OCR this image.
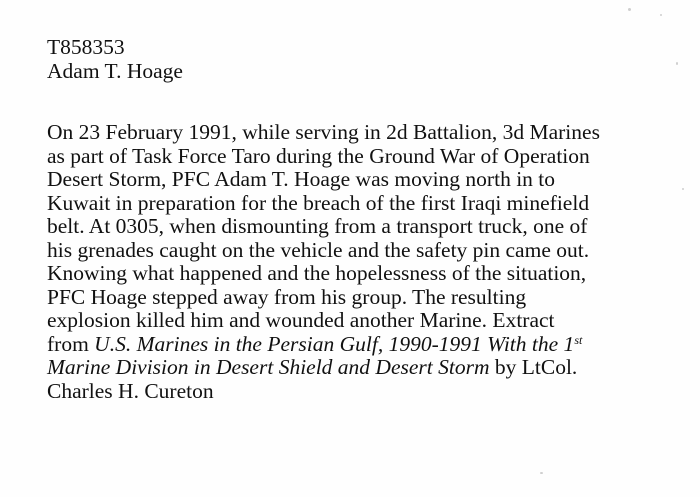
T858353
Adam T. Hoage
On 23 February 1991, while serving in 2d Battalion, 3d Marines
as part of Task Force Taro during the Ground War of Operation
Desert Storm, PFC Adam T. Hoage was moving north in to
Kuwait in preparation for the breach of the first Iraqi minefield
belt. At 0305, when dismounting from a transport truck, one of
his grenades caught on the vehicle and the safety pin came out.
Knowing what happened and the hopelessness of the situation,
PFC Hoage stepped away from his group. The resulting
explosion killed him and wounded another Marine. Extract
from U.S. Marines in the Persian Gulf, 1990-1991 With the 1st
Marine Division in Desert Shield and Desert Storm by LtCol.
Charles H. Cureton
